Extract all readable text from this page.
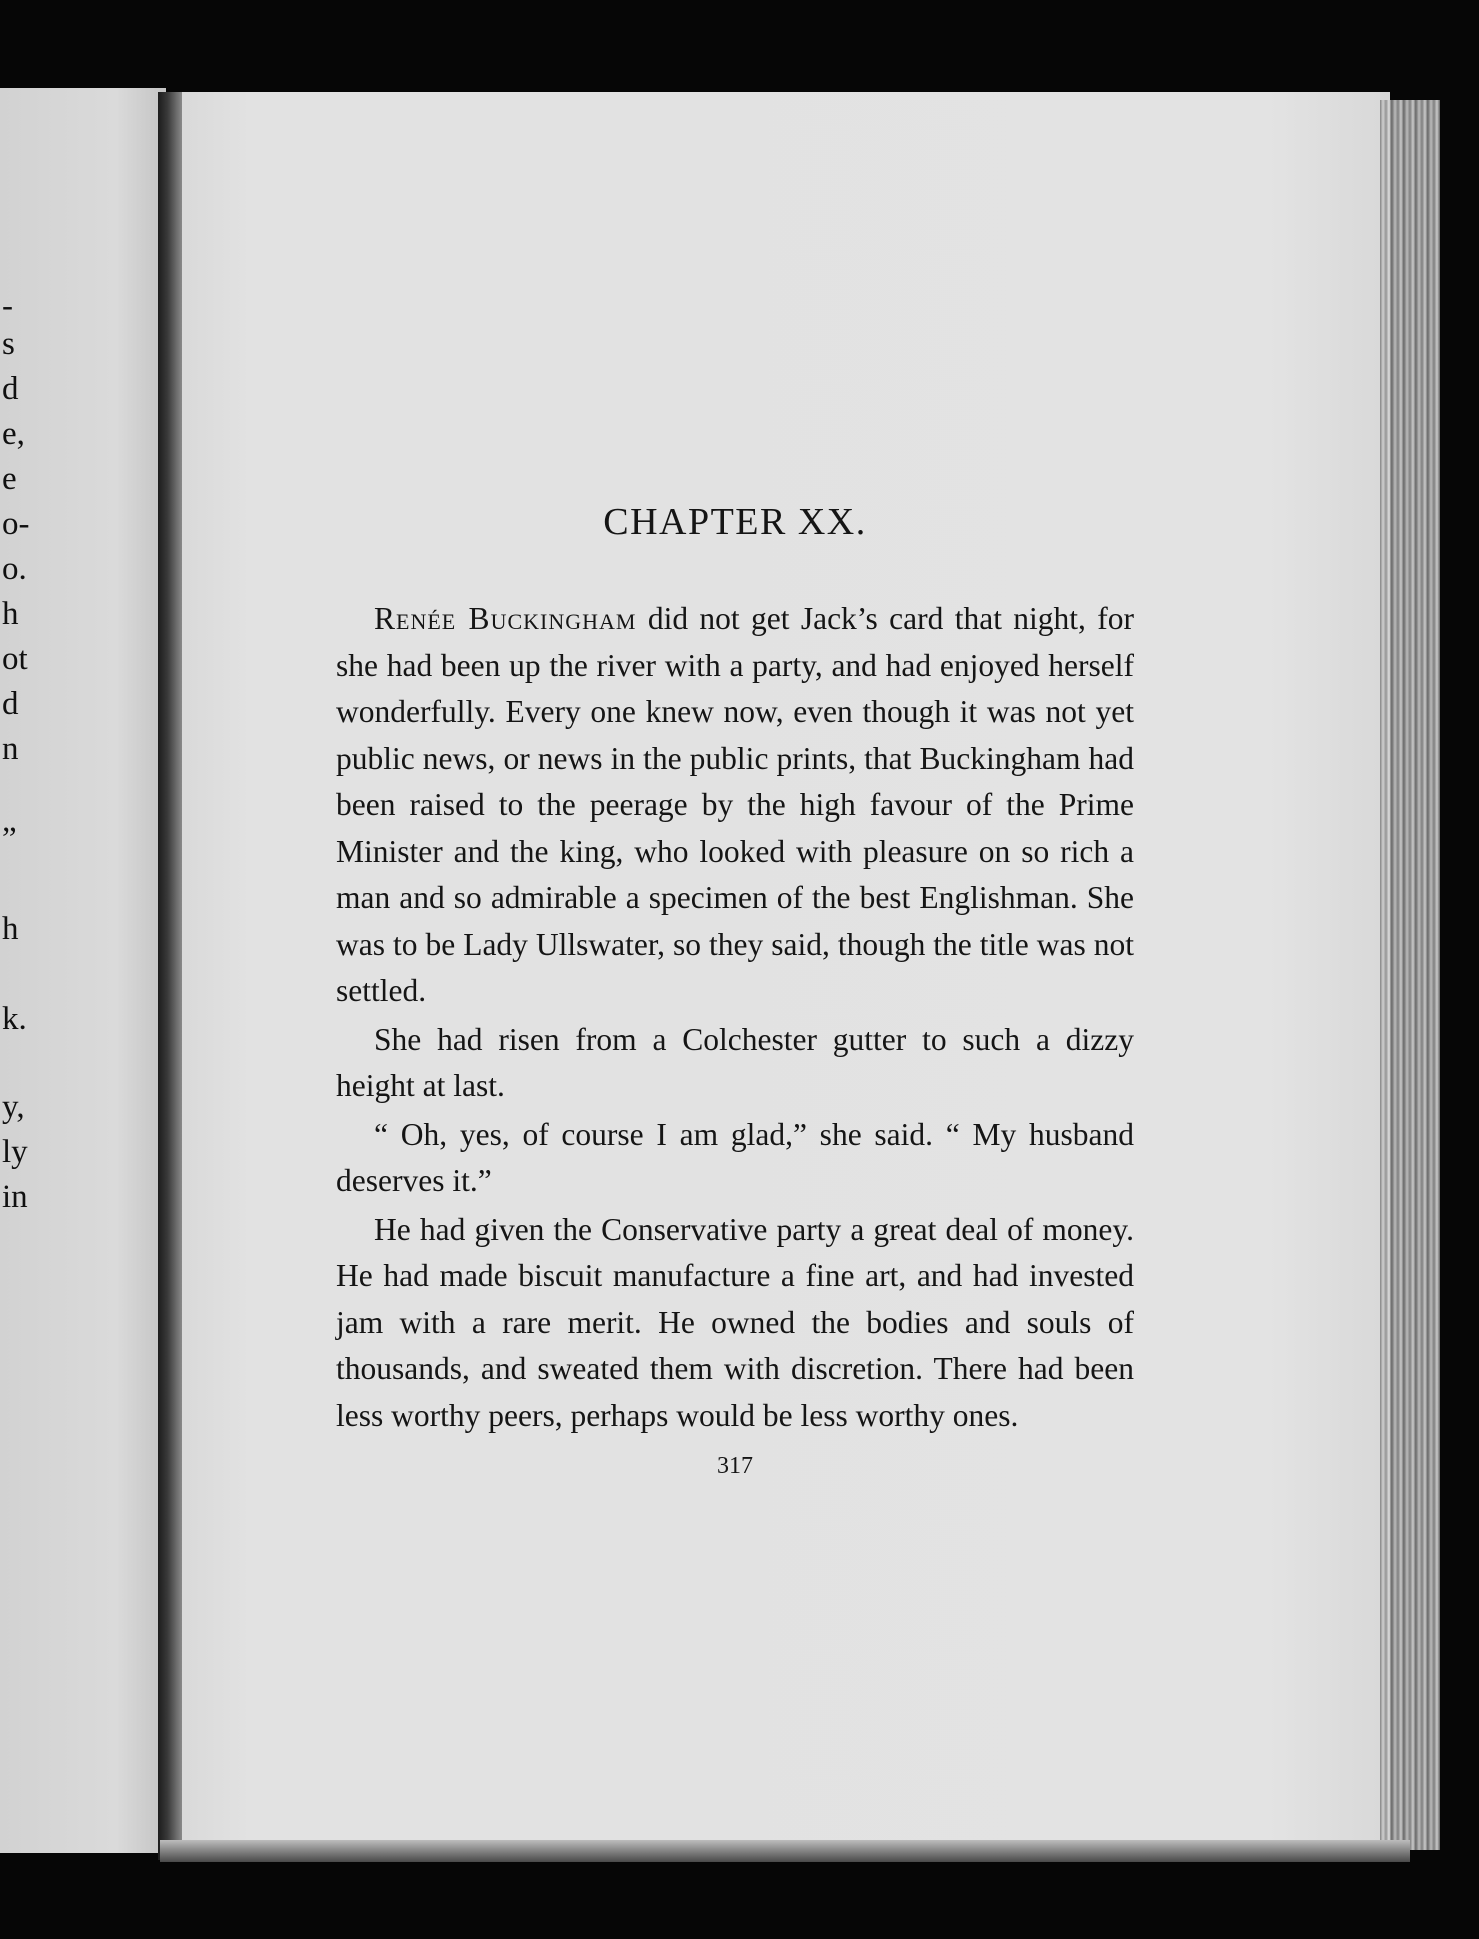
-
s
d
e,
e
o-
o.
h
ot
d
n
”
h
k.
y,
ly
in
CHAPTER XX.

Renée Buckingham did not get Jack’s card that night, for she had been up the river with a party, and had enjoyed herself wonderfully. Every one knew now, even though it was not yet public news, or news in the public prints, that Buckingham had been raised to the peerage by the high favour of the Prime Minister and the king, who looked with pleasure on so rich a man and so admirable a specimen of the best Englishman. She was to be Lady Ullswater, so they said, though the title was not settled.

She had risen from a Colchester gutter to such a dizzy height at last.

“ Oh, yes, of course I am glad,” she said. “ My husband deserves it.”

He had given the Conservative party a great deal of money. He had made biscuit manufacture a fine art, and had invested jam with a rare merit. He owned the bodies and souls of thousands, and sweated them with discretion. There had been less worthy peers, perhaps would be less worthy ones.

317
